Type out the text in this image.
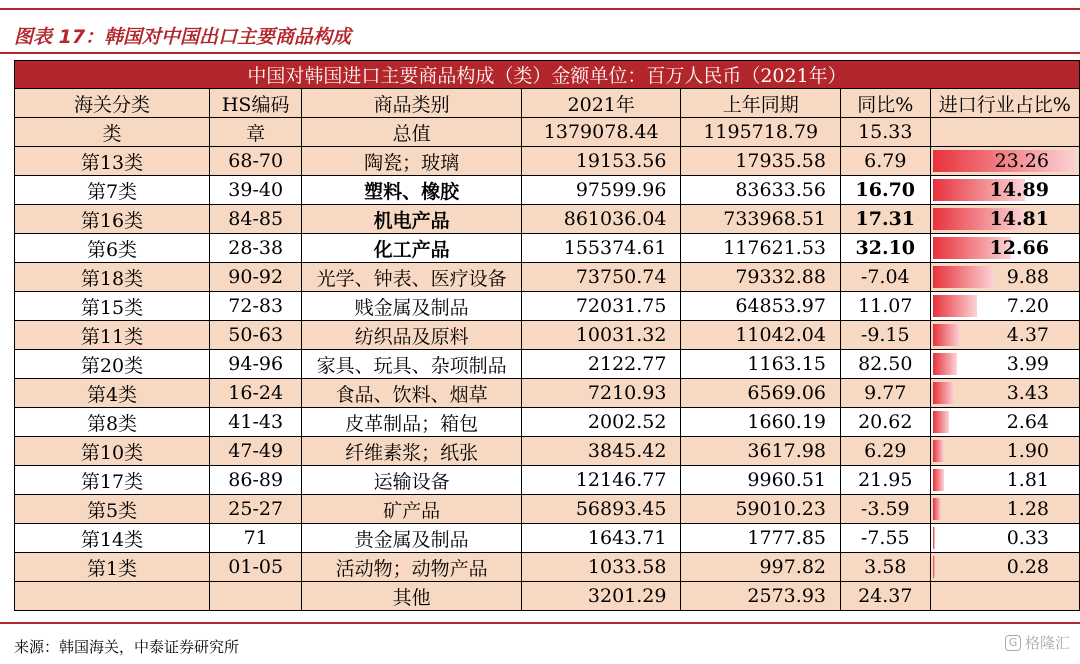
图表 17：韩国对中国出口主要商品构成
中国对韩国进口主要商品构成（类）金额单位：百万人民币（2021年）						
海关分类	HS编码	商品类别	2021年	上年同期	同比%	进口行业占比%
类	章	总值	1379078.44	1195718.79	15.33	
第13类	68-70	陶瓷；玻璃	19153.56	17935.58	6.79	23.26
第7类	39-40	塑料、橡胶	97599.96	83633.56	16.70	14.89
第16类	84-85	机电产品	861036.04	733968.51	17.31	14.81
第6类	28-38	化工产品	155374.61	117621.53	32.10	12.66
第18类	90-92	光学、钟表、医疗设备	73750.74	79332.88	-7.04	9.88
第15类	72-83	贱金属及制品	72031.75	64853.97	11.07	7.20
第11类	50-63	纺织品及原料	10031.32	11042.04	-9.15	4.37
第20类	94-96	家具、玩具、杂项制品	2122.77	1163.15	82.50	3.99
第4类	16-24	食品、饮料、烟草	7210.93	6569.06	9.77	3.43
第8类	41-43	皮革制品；箱包	2002.52	1660.19	20.62	2.64
第10类	47-49	纤维素浆；纸张	3845.42	3617.98	6.29	1.90
第17类	86-89	运输设备	12146.77	9960.51	21.95	1.81
第5类	25-27	矿产品	56893.45	59010.23	-3.59	1.28
第14类	71	贵金属及制品	1643.71	1777.85	-7.55	0.33
第1类	01-05	活动物；动物产品	1033.58	997.82	3.58	0.28
		其他	3201.29	2573.93	24.37	
来源：韩国海关，中泰证券研究所	G 格隆汇
